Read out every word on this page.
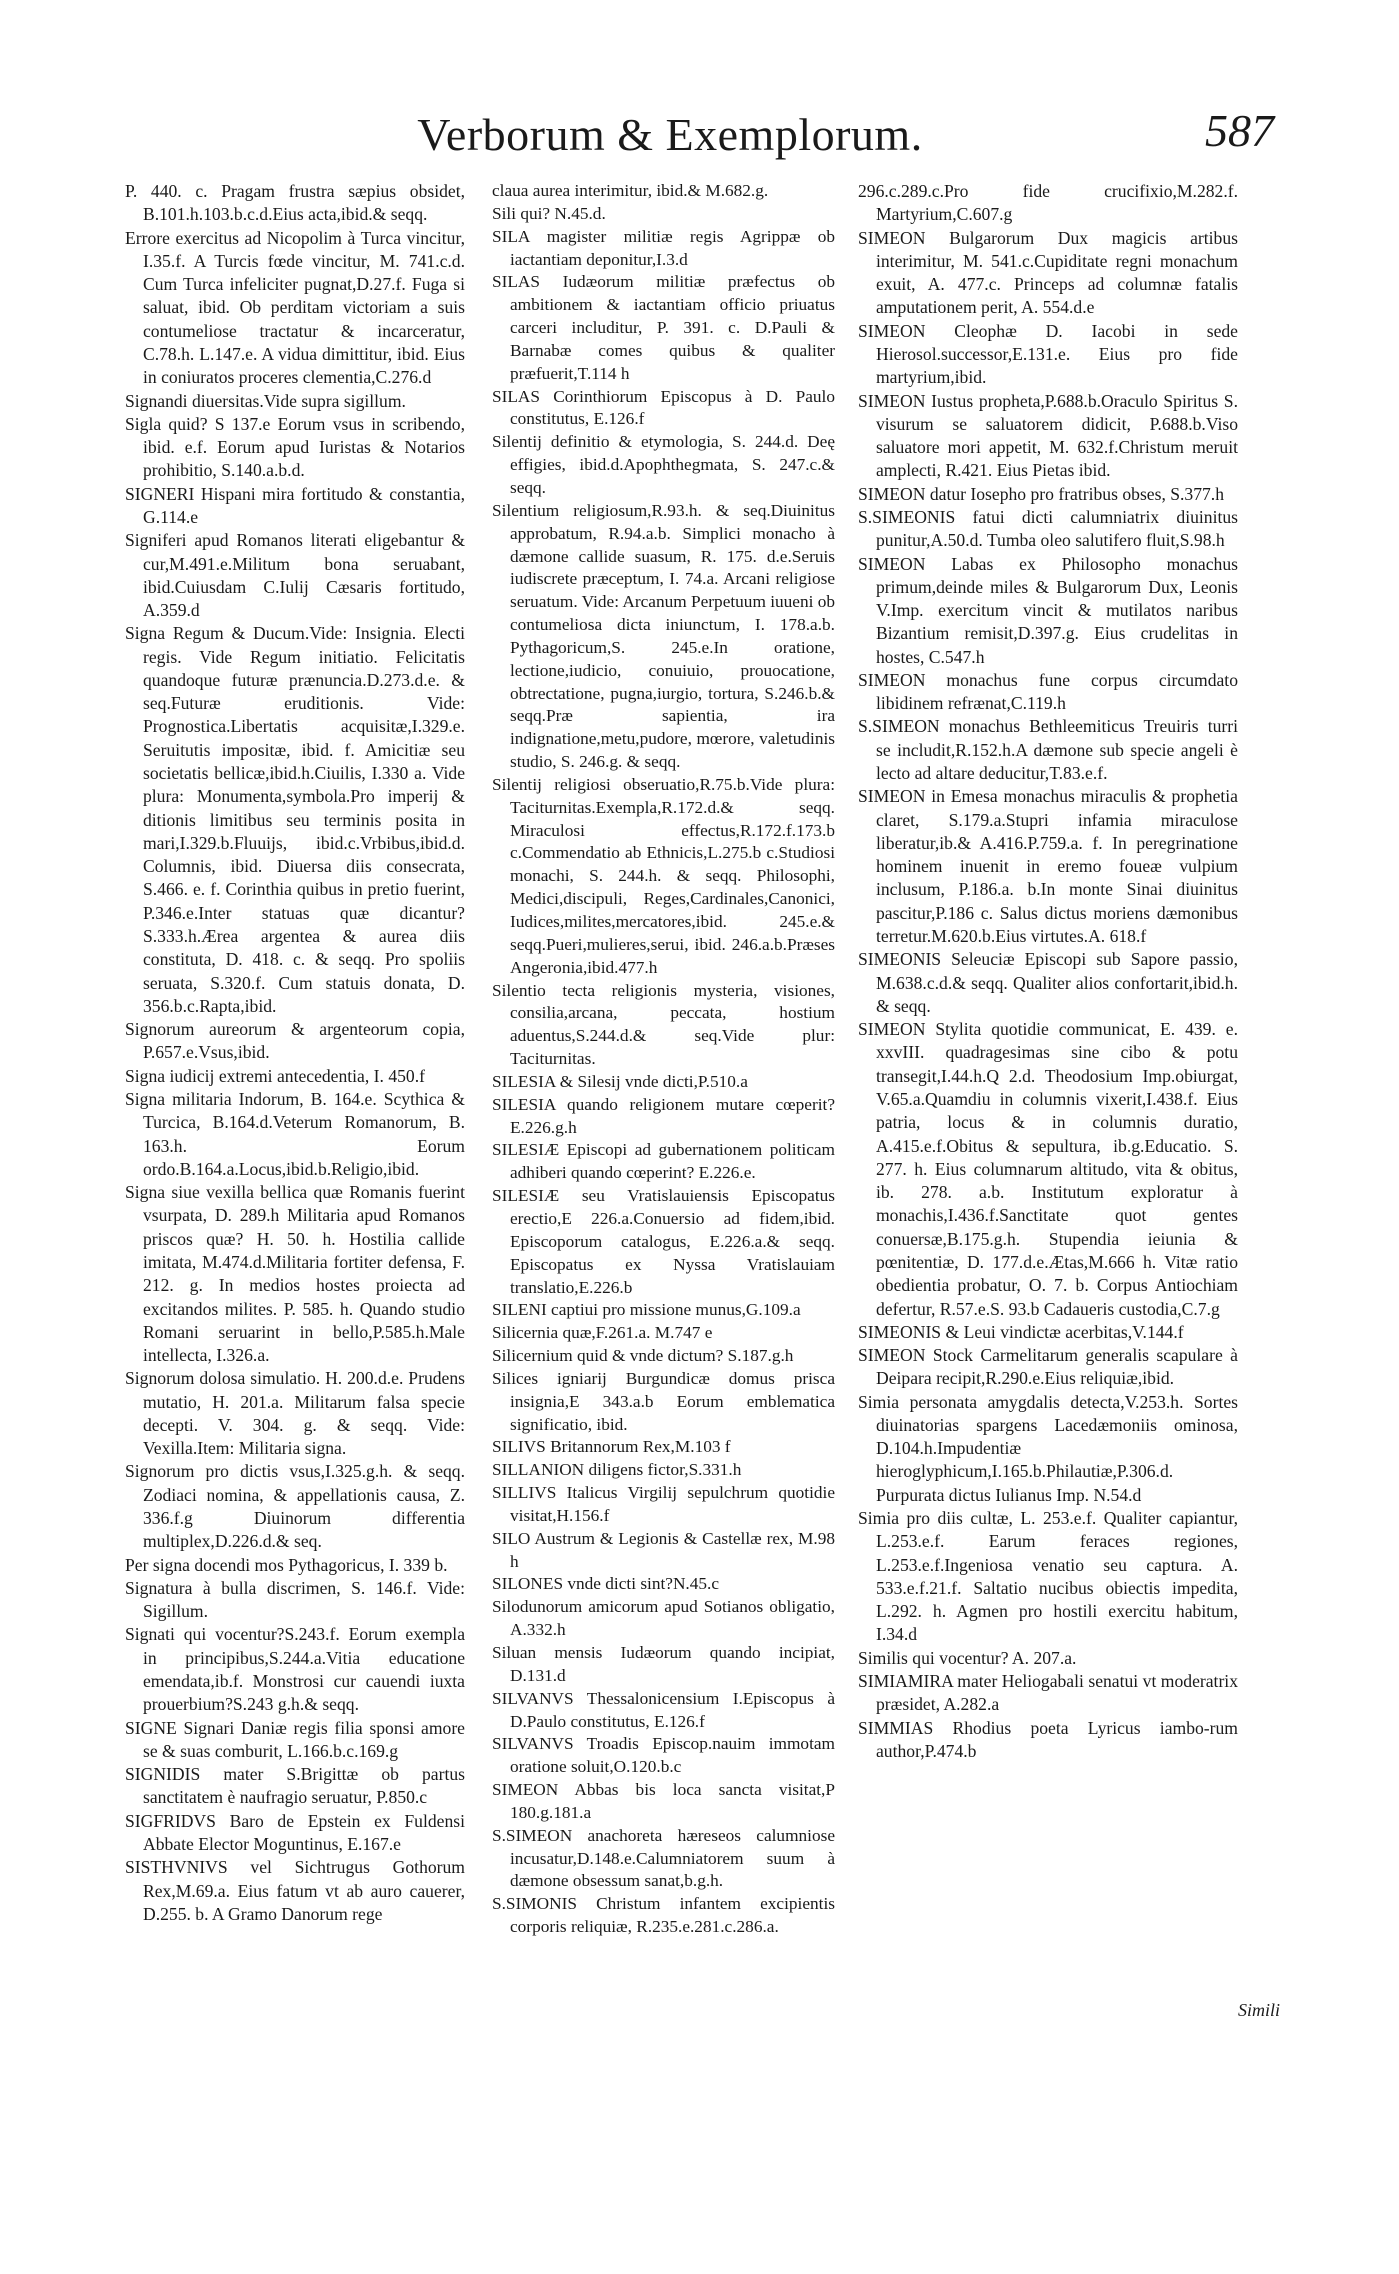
Verborum & Exemplorum.	587

P. 440. c. Pragam frustra sæpius obsidet, B.101.h.103.b.c.d.Eius acta,ibid.& seqq.

Errore exercitus ad Nicopolim à Turca vincitur, I.35.f. A Turcis fœde vincitur, M. 741.c.d. Cum Turca infeliciter pugnat,D.27.f. Fuga si saluat, ibid. Ob perditam victoriam a suis contumeliose tractatur & incarceratur, C.78.h. L.147.e. A vidua dimittitur, ibid. Eius in coniuratos proceres clementia,C.276.d

Signandi diuersitas.Vide supra sigillum.

Sigla quid? S 137.e Eorum vsus in scribendo, ibid. e.f. Eorum apud Iuristas & Notarios prohibitio, S.140.a.b.d.

SIGNERI Hispani mira fortitudo & constantia, G.114.e

Signiferi apud Romanos literati eligebantur & cur,M.491.e.Militum bona seruabant, ibid.Cuiusdam C.Iulij Cæsaris fortitudo, A.359.d

Signa Regum & Ducum.Vide: Insignia. Electi regis. Vide Regum initiatio. Felicitatis quandoque futuræ prænuncia.D.273.d.e. & seq.Futuræ eruditionis. Vide: Prognostica.Libertatis acquisitæ,I.329.e. Seruitutis impositæ, ibid. f. Amicitiæ seu societatis bellicæ,ibid.h.Ciuilis, I.330 a. Vide plura: Monumenta,symbola.Pro imperij & ditionis limitibus seu terminis posita in mari,I.329.b.Fluuijs, ibid.c.Vrbibus,ibid.d. Columnis, ibid. Diuersa diis consecrata, S.466. e. f. Corinthia quibus in pretio fuerint, P.346.e.Inter statuas quæ dicantur? S.333.h.Ærea argentea & aurea diis constituta, D. 418. c. & seqq. Pro spoliis seruata, S.320.f. Cum statuis donata, D. 356.b.c.Rapta,ibid.

Signorum aureorum & argenteorum copia, P.657.e.Vsus,ibid.

Signa iudicij extremi antecedentia, I. 450.f

Signa militaria Indorum, B. 164.e. Scythica & Turcica, B.164.d.Veterum Romanorum, B. 163.h. Eorum ordo.B.164.a.Locus,ibid.b.Religio,ibid.

Signa siue vexilla bellica quæ Romanis fuerint vsurpata, D. 289.h Militaria apud Romanos priscos quæ? H. 50. h. Hostilia callide imitata, M.474.d.Militaria fortiter defensa, F. 212. g. In medios hostes proiecta ad excitandos milites. P. 585. h. Quando studio Romani seruarint in bello,P.585.h.Male intellecta, I.326.a.

Signorum dolosa simulatio. H. 200.d.e. Prudens mutatio, H. 201.a. Militarum falsa specie decepti. V. 304. g. & seqq. Vide: Vexilla.Item: Militaria signa.

Signorum pro dictis vsus,I.325.g.h. & seqq. Zodiaci nomina, & appellationis causa, Z. 336.f.g Diuinorum differentia multiplex,D.226.d.& seq.

Per signa docendi mos Pythagoricus, I. 339 b.

Signatura à bulla discrimen, S. 146.f. Vide: Sigillum.

Signati qui vocentur?S.243.f. Eorum exempla in principibus,S.244.a.Vitia educatione emendata,ib.f. Monstrosi cur cauendi iuxta prouerbium?S.243 g.h.& seqq.

SIGNE Signari Daniæ regis filia sponsi amore se & suas comburit, L.166.b.c.169.g

SIGNIDIS mater S.Brigittæ ob partus sanctitatem è naufragio seruatur, P.850.c

SIGFRIDVS Baro de Epstein ex Fuldensi Abbate Elector Moguntinus, E.167.e

SISTHVNIVS vel Sichtrugus Gothorum Rex,M.69.a. Eius fatum vt ab auro cauerer, D.255. b. A Gramo Danorum rege

claua aurea interimitur, ibid.& M.682.g.

Sili qui? N.45.d.

SILA magister militiæ regis Agrippæ ob iactantiam deponitur,I.3.d

SILAS Iudæorum militiæ præfectus ob ambitionem & iactantiam officio priuatus carceri includitur, P. 391. c. D.Pauli & Barnabæ comes quibus & qualiter præfuerit,T.114 h

SILAS Corinthiorum Episcopus à D. Paulo constitutus, E.126.f

Silentij definitio & etymologia, S. 244.d. Deę effigies, ibid.d.Apophthegmata, S. 247.c.& seqq.

Silentium religiosum,R.93.h. & seq.Diuinitus approbatum, R.94.a.b. Simplici monacho à dæmone callide suasum, R. 175. d.e.Seruis iudiscrete præceptum, I. 74.a. Arcani religiose seruatum. Vide: Arcanum Perpetuum iuueni ob contumeliosa dicta iniunctum, I. 178.a.b. Pythagoricum,S. 245.e.In oratione, lectione,iudicio, conuiuio, prouocatione, obtrectatione, pugna,iurgio, tortura, S.246.b.& seqq.Præ sapientia, ira indignatione,metu,pudore, mœrore, valetudinis studio, S. 246.g. & seqq.

Silentij religiosi obseruatio,R.75.b.Vide plura: Taciturnitas.Exempla,R.172.d.& seqq. Miraculosi effectus,R.172.f.173.b c.Commendatio ab Ethnicis,L.275.b c.Studiosi monachi, S. 244.h. & seqq. Philosophi, Medici,discipuli, Reges,Cardinales,Canonici, Iudices,milites,mercatores,ibid. 245.e.& seqq.Pueri,mulieres,serui, ibid. 246.a.b.Præses Angeronia,ibid.477.h

Silentio tecta religionis mysteria, visiones, consilia,arcana, peccata, hostium aduentus,S.244.d.& seq.Vide plur: Taciturnitas.

SILESIA & Silesij vnde dicti,P.510.a

SILESIA quando religionem mutare cœperit?E.226.g.h

SILESIÆ Episcopi ad gubernationem politicam adhiberi quando cœperint? E.226.e.

SILESIÆ seu Vratislauiensis Episcopatus erectio,E 226.a.Conuersio ad fidem,ibid. Episcoporum catalogus, E.226.a.& seqq. Episcopatus ex Nyssa Vratislauiam translatio,E.226.b

SILENI captiui pro missione munus,G.109.a

Silicernia quæ,F.261.a. M.747 e

Silicernium quid & vnde dictum? S.187.g.h

Silices igniarij Burgundicæ domus prisca insignia,E 343.a.b Eorum emblematica significatio, ibid.

SILIVS Britannorum Rex,M.103 f

SILLANION diligens fictor,S.331.h

SILLIVS Italicus Virgilij sepulchrum quotidie visitat,H.156.f

SILO Austrum & Legionis & Castellæ rex, M.98 h

SILONES vnde dicti sint?N.45.c

Silodunorum amicorum apud Sotianos obligatio, A.332.h

Siluan mensis Iudæorum quando incipiat, D.131.d

SILVANVS Thessalonicensium I.Episcopus à D.Paulo constitutus, E.126.f

SILVANVS Troadis Episcop.nauim immotam oratione soluit,O.120.b.c

SIMEON Abbas bis loca sancta visitat,P 180.g.181.a

S.SIMEON anachoreta hæreseos calumniose incusatur,D.148.e.Calumniatorem suum à dæmone obsessum sanat,b.g.h.

S.SIMONIS Christum infantem excipientis corporis reliquiæ, R.235.e.281.c.286.a.

296.c.289.c.Pro fide crucifixio,M.282.f. Martyrium,C.607.g

SIMEON Bulgarorum Dux magicis artibus interimitur, M. 541.c.Cupiditate regni monachum exuit, A. 477.c. Princeps ad columnæ fatalis amputationem perit, A. 554.d.e

SIMEON Cleophæ D. Iacobi in sede Hierosol.successor,E.131.e. Eius pro fide martyrium,ibid.

SIMEON Iustus propheta,P.688.b.Oraculo Spiritus S. visurum se saluatorem didicit, P.688.b.Viso saluatore mori appetit, M. 632.f.Christum meruit amplecti, R.421. Eius Pietas ibid.

SIMEON datur Iosepho pro fratribus obses, S.377.h

S.SIMEONIS fatui dicti calumniatrix diuinitus punitur,A.50.d. Tumba oleo salutifero fluit,S.98.h

SIMEON Labas ex Philosopho monachus primum,deinde miles & Bulgarorum Dux, Leonis V.Imp. exercitum vincit & mutilatos naribus Bizantium remisit,D.397.g. Eius crudelitas in hostes, C.547.h

SIMEON monachus fune corpus circumdato libidinem refrænat,C.119.h

S.SIMEON monachus Bethleemiticus Treuiris turri se includit,R.152.h.A dæmone sub specie angeli è lecto ad altare deducitur,T.83.e.f.

SIMEON in Emesa monachus miraculis & prophetia claret, S.179.a.Stupri infamia miraculose liberatur,ib.& A.416.P.759.a. f. In peregrinatione hominem inuenit in eremo foueæ vulpium inclusum, P.186.a. b.In monte Sinai diuinitus pascitur,P.186 c. Salus dictus moriens dæmonibus terretur.M.620.b.Eius virtutes.A. 618.f

SIMEONIS Seleuciæ Episcopi sub Sapore passio, M.638.c.d.& seqq. Qualiter alios confortarit,ibid.h. & seqq.

SIMEON Stylita quotidie communicat, E. 439. e. xxvIII. quadragesimas sine cibo & potu transegit,I.44.h.Q 2.d. Theodosium Imp.obiurgat, V.65.a.Quamdiu in columnis vixerit,I.438.f. Eius patria, locus & in columnis duratio, A.415.e.f.Obitus & sepultura, ib.g.Educatio. S. 277. h. Eius columnarum altitudo, vita & obitus, ib. 278. a.b. Institutum exploratur à monachis,I.436.f.Sanctitate quot gentes conuersæ,B.175.g.h. Stupendia ieiunia & pœnitentiæ, D. 177.d.e.Ætas,M.666 h. Vitæ ratio obedientia probatur, O. 7. b. Corpus Antiochiam defertur, R.57.e.S. 93.b Cadaueris custodia,C.7.g

SIMEONIS & Leui vindictæ acerbitas,V.144.f

SIMEON Stock Carmelitarum generalis scapulare à Deipara recipit,R.290.e.Eius reliquiæ,ibid.

Simia personata amygdalis detecta,V.253.h. Sortes diuinatorias spargens Lacedæmoniis ominosa, D.104.h.Impudentiæ hieroglyphicum,I.165.b.Philautiæ,P.306.d. Purpurata dictus Iulianus Imp. N.54.d

Simia pro diis cultæ, L. 253.e.f. Qualiter capiantur, L.253.e.f. Earum feraces regiones, L.253.e.f.Ingeniosa venatio seu captura. A. 533.e.f.21.f. Saltatio nucibus obiectis impedita, L.292. h. Agmen pro hostili exercitu habitum, I.34.d

Similis qui vocentur? A. 207.a.

SIMIAMIRA mater Heliogabali senatui vt moderatrix præsidet, A.282.a

SIMMIAS Rhodius poeta Lyricus iambo-rum author,P.474.b

Simili
